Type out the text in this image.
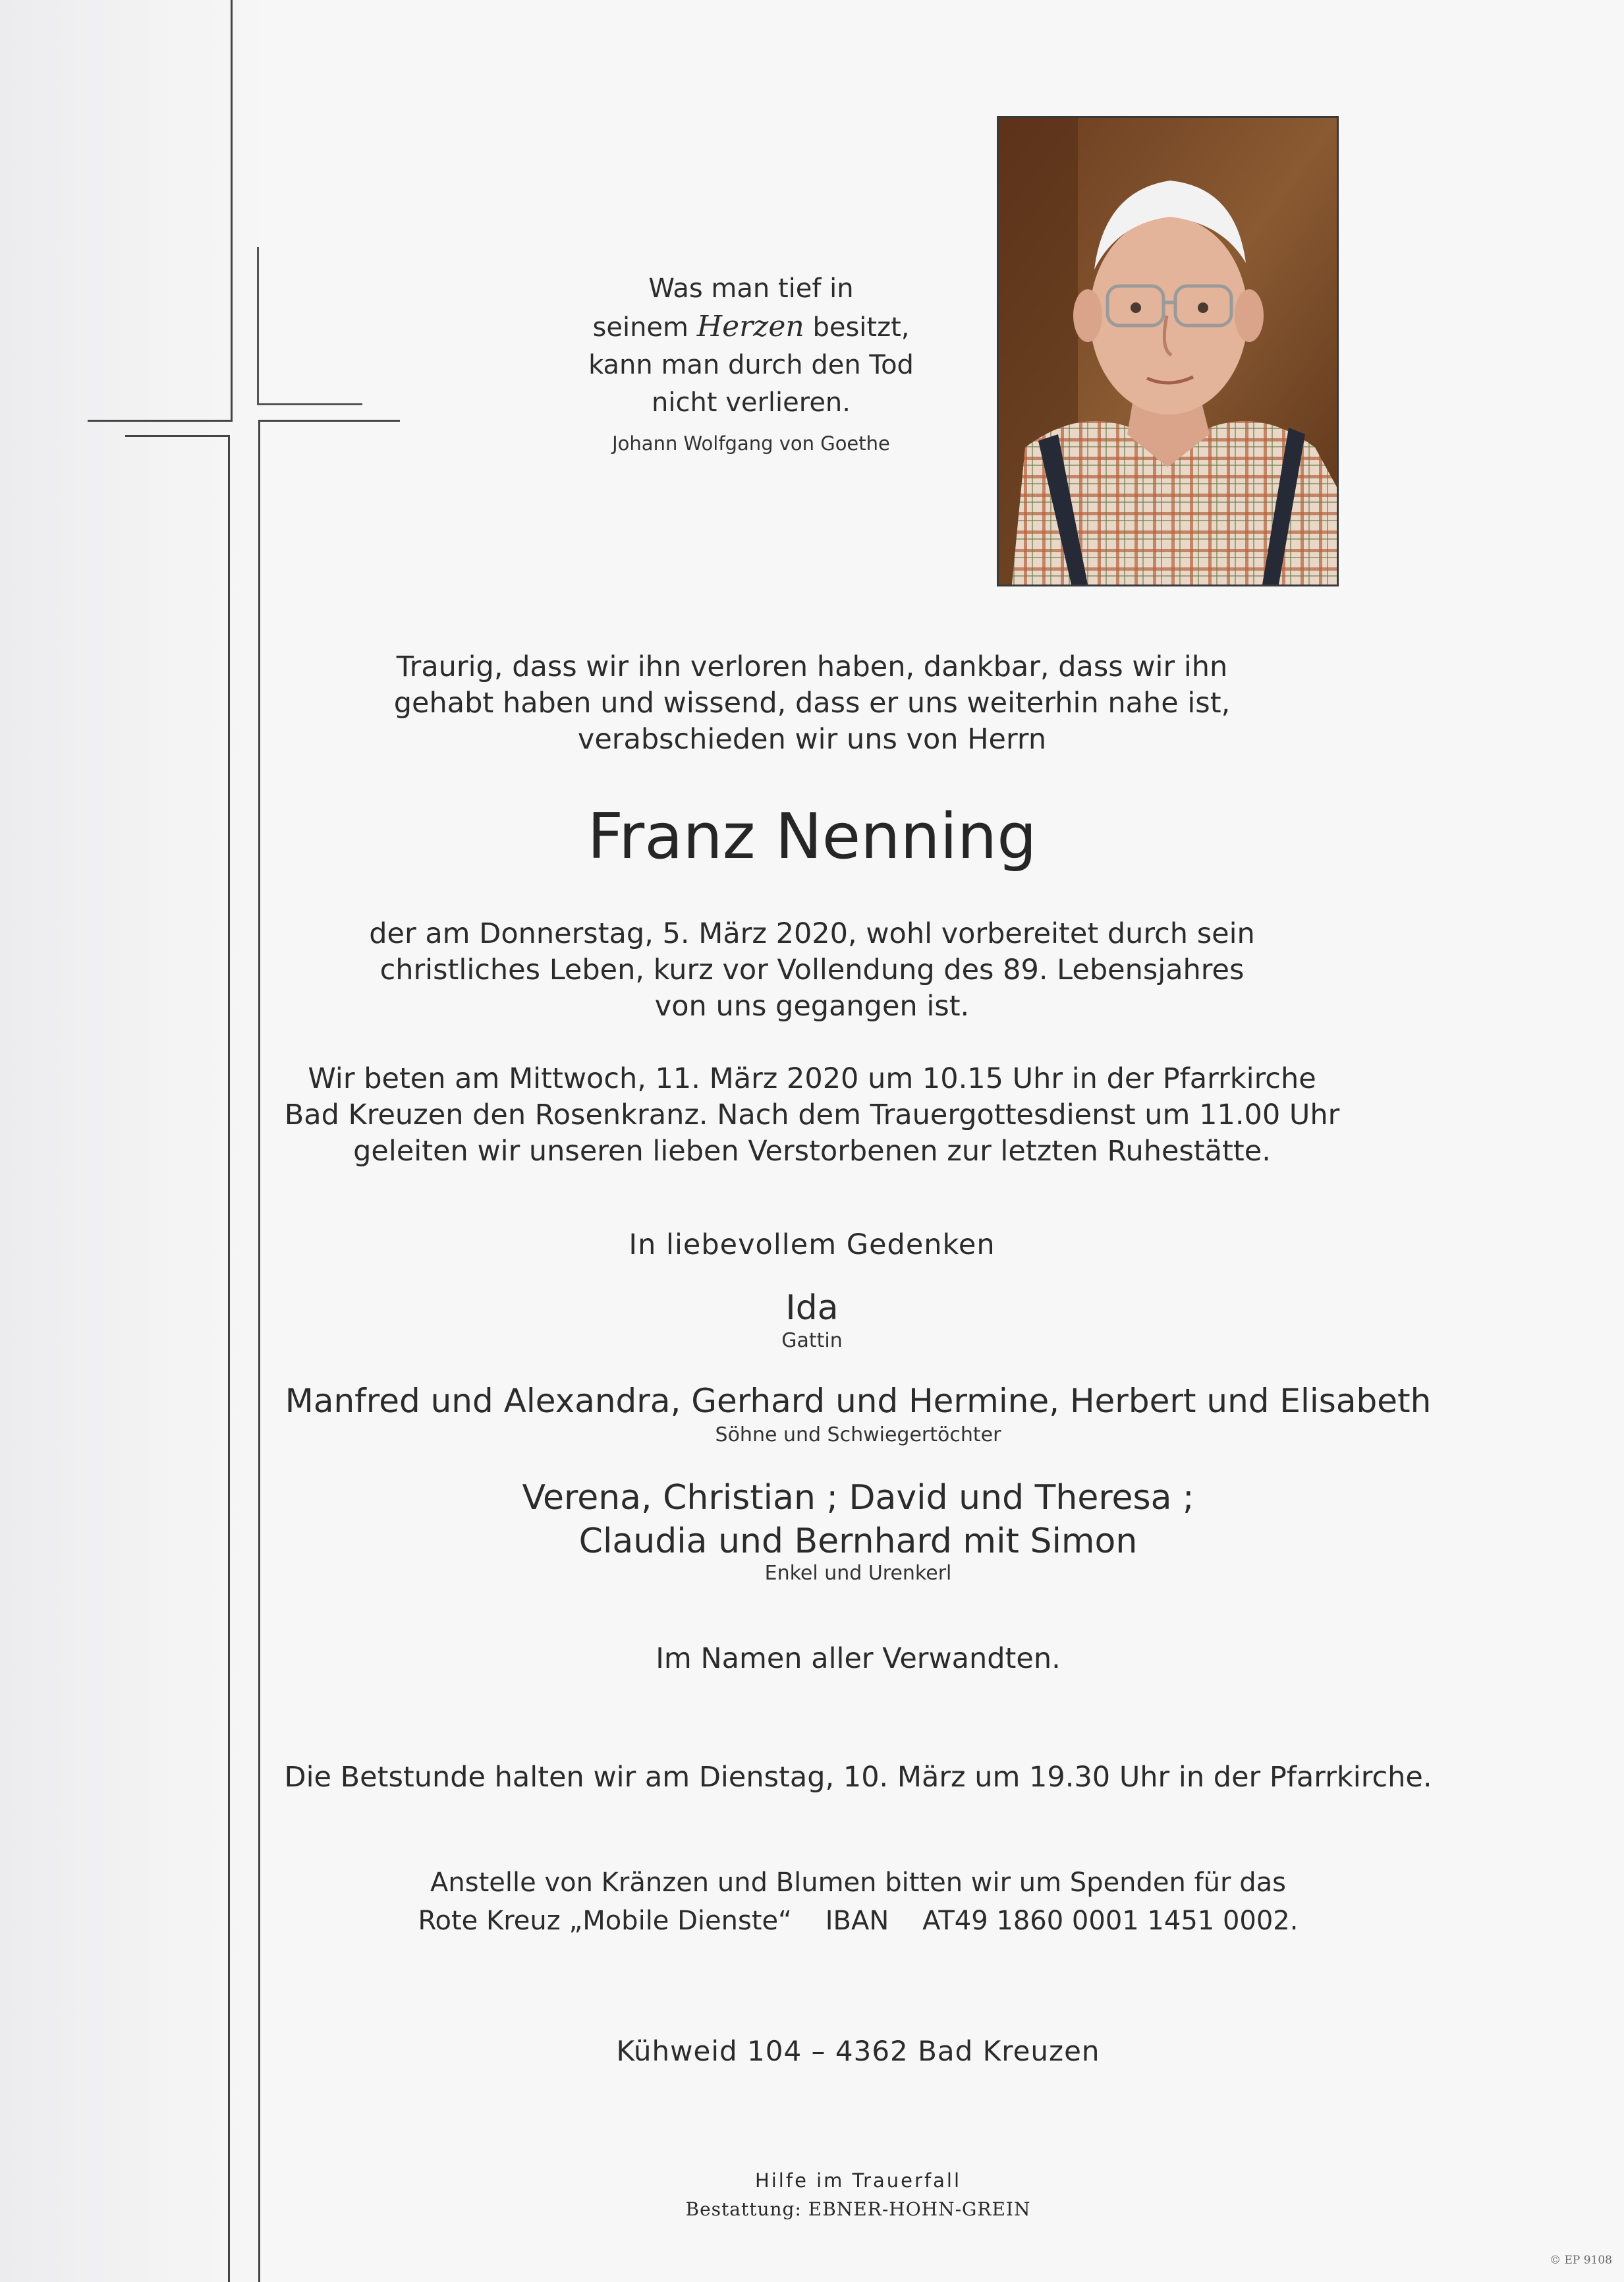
Was man tief in
seinem Herzen besitzt,
kann man durch den Tod
nicht verlieren.
Johann Wolfgang von Goethe
Traurig, dass wir ihn verloren haben, dankbar, dass wir ihn
gehabt haben und wissend, dass er uns weiterhin nahe ist,
verabschieden wir uns von Herrn
Franz Nenning
der am Donnerstag, 5. März 2020, wohl vorbereitet durch sein
christliches Leben, kurz vor Vollendung des 89. Lebensjahres
von uns gegangen ist.
Wir beten am Mittwoch, 11. März 2020 um 10.15 Uhr in der Pfarrkirche
Bad Kreuzen den Rosenkranz. Nach dem Trauergottesdienst um 11.00 Uhr
geleiten wir unseren lieben Verstorbenen zur letzten Ruhestätte.
In liebevollem Gedenken
Ida
Gattin
Manfred und Alexandra, Gerhard und Hermine, Herbert und Elisabeth
Söhne und Schwiegertöchter
Verena, Christian ; David und Theresa ;
Claudia und Bernhard mit Simon
Enkel und Urenkerl
Im Namen aller Verwandten.
Die Betstunde halten wir am Dienstag, 10. März um 19.30 Uhr in der Pfarrkirche.
Anstelle von Kränzen und Blumen bitten wir um Spenden für das
Rote Kreuz „Mobile Dienste“    IBAN    AT49 1860 0001 1451 0002.
Kühweid 104 – 4362 Bad Kreuzen
Hilfe im Trauerfall
Bestattung: EBNER-HOHN-GREIN
© EP 9108
